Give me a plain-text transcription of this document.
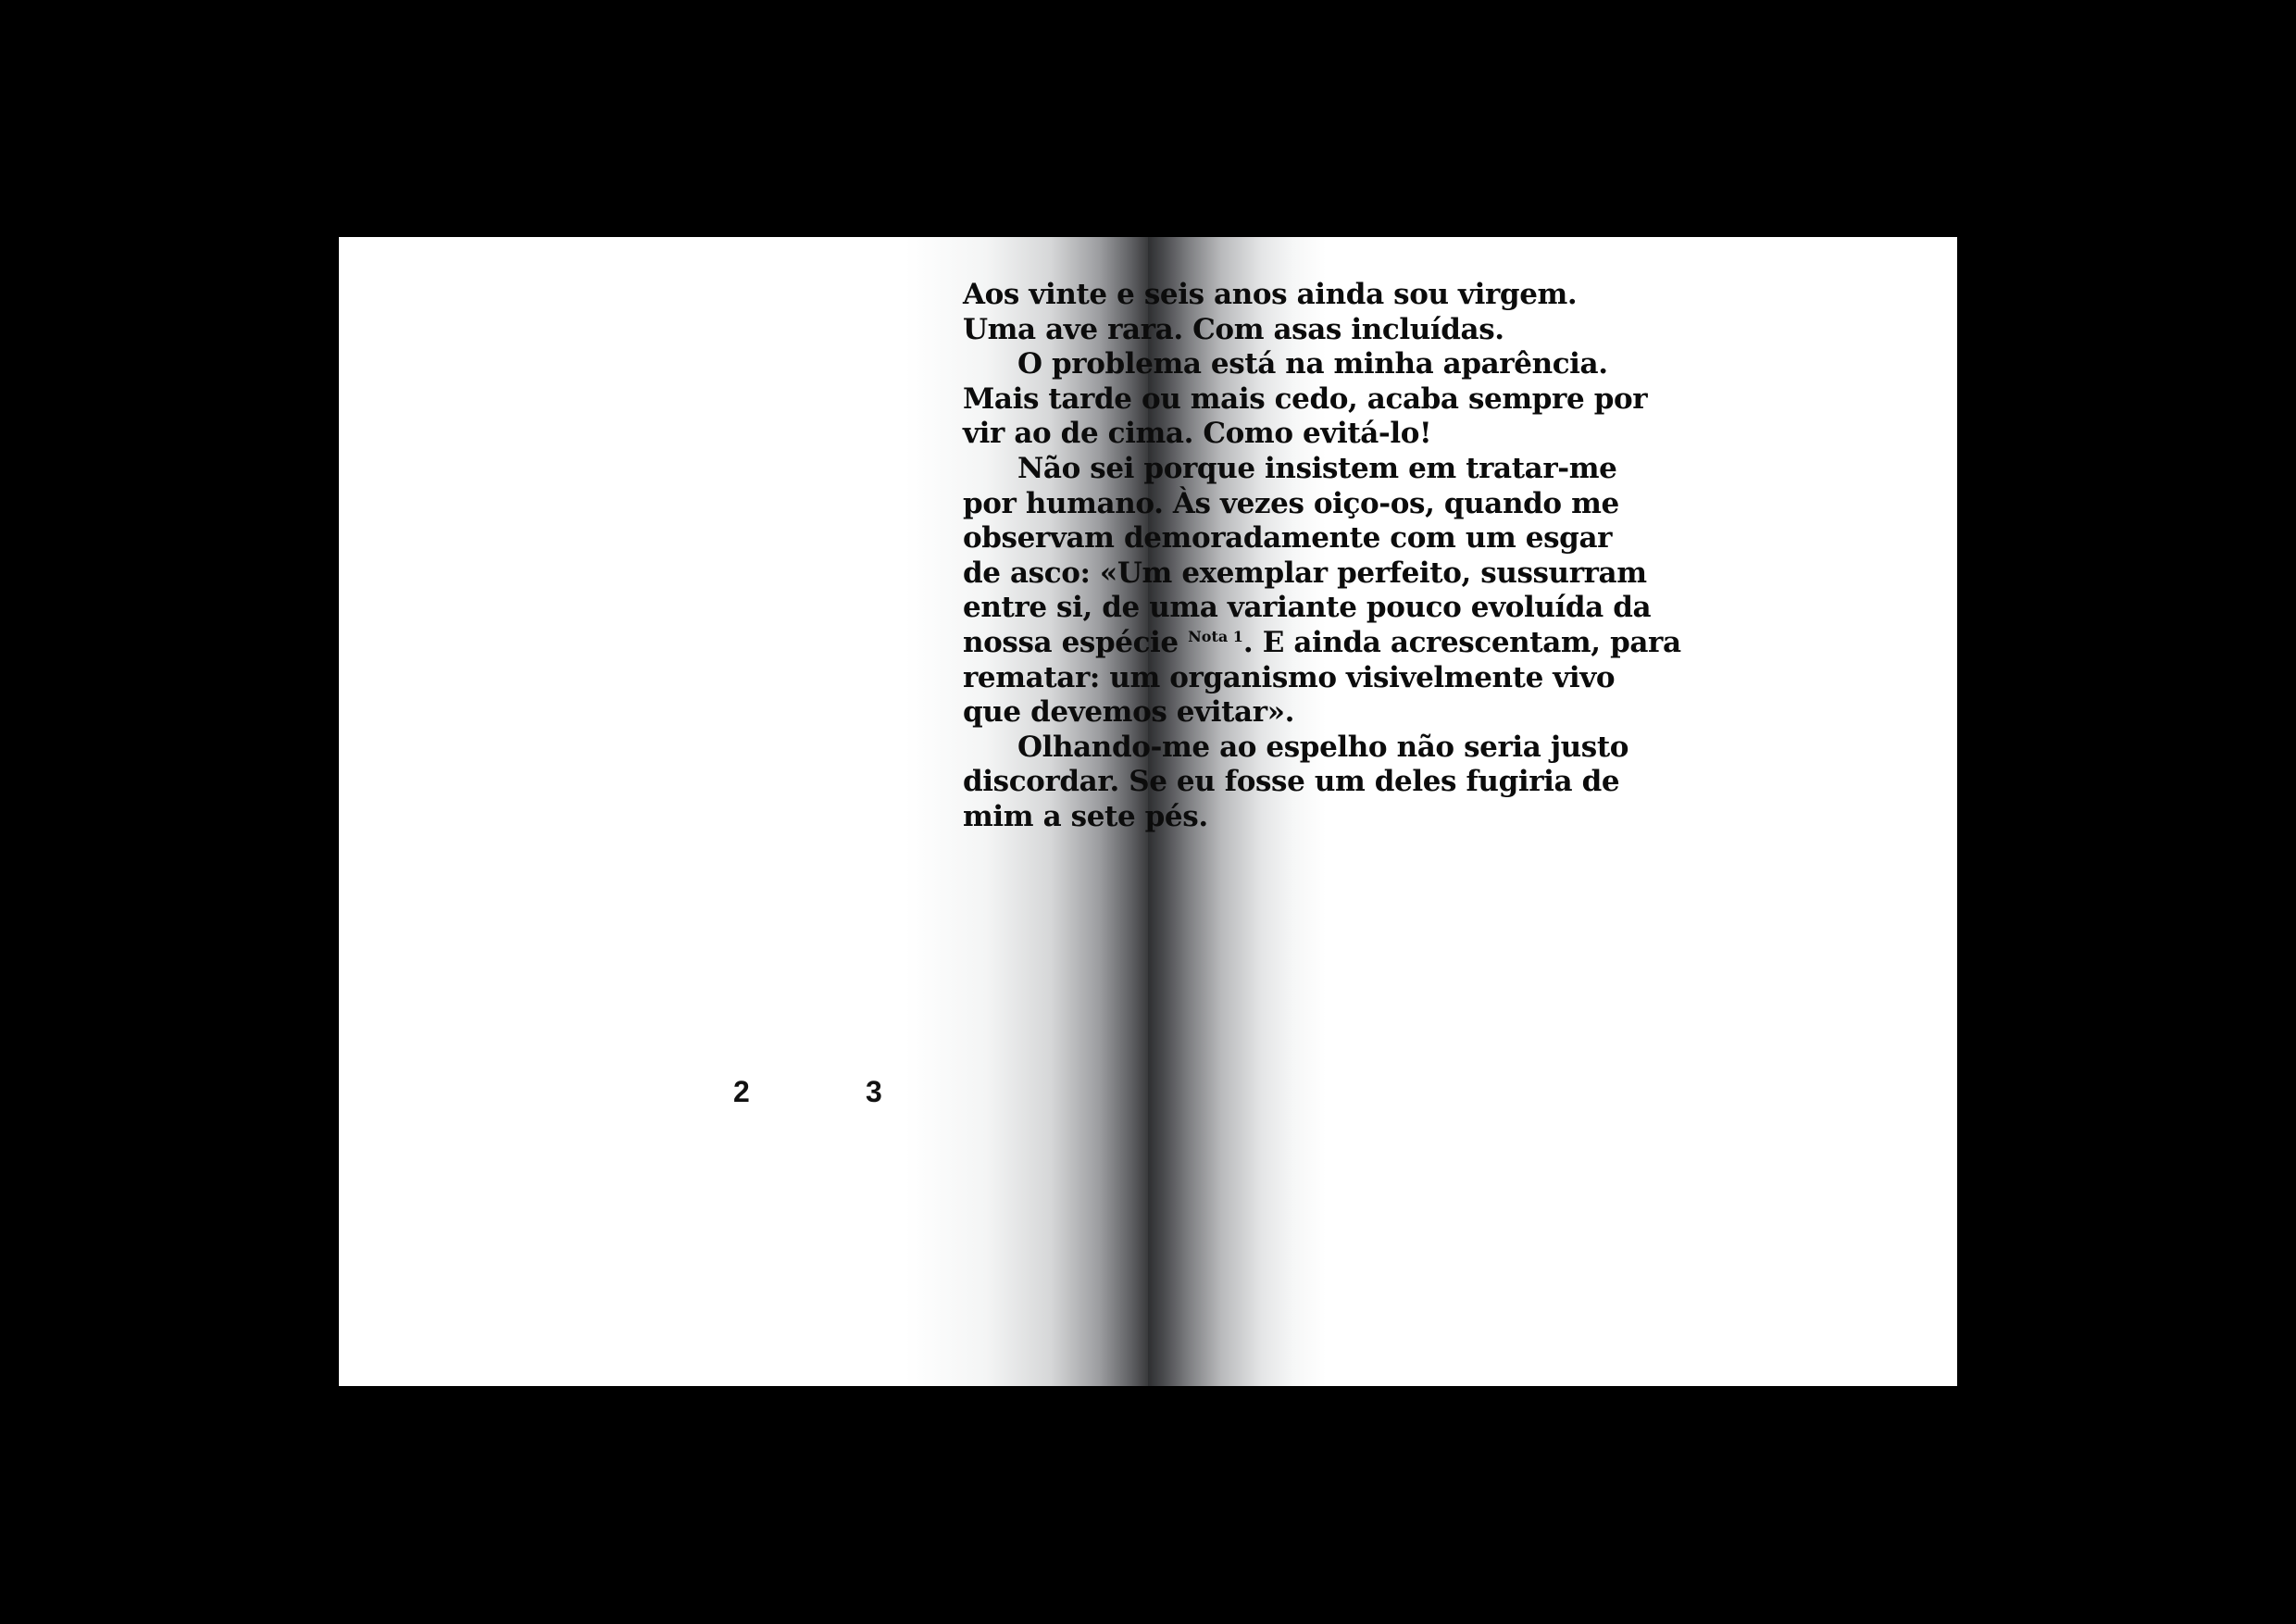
Aos vinte e seis anos ainda sou virgem.
Uma ave rara. Com asas incluídas.
O problema está na minha aparência.
Mais tarde ou mais cedo, acaba sempre por
vir ao de cima. Como evitá-lo!
Não sei porque insistem em tratar-me
por humano. Às vezes oiço-os, quando me
observam demoradamente com um esgar
de asco: «Um exemplar perfeito, sussurram
entre si, de uma variante pouco evoluída da
nossa espécie $^{Nota 1}$. E ainda acrescentam, para
rematar: um organismo visivelmente vivo
que devemos evitar».
Olhando-me ao espelho não seria justo
discordar. Se eu fosse um deles fugiria de
mim a sete pés.
2	3
